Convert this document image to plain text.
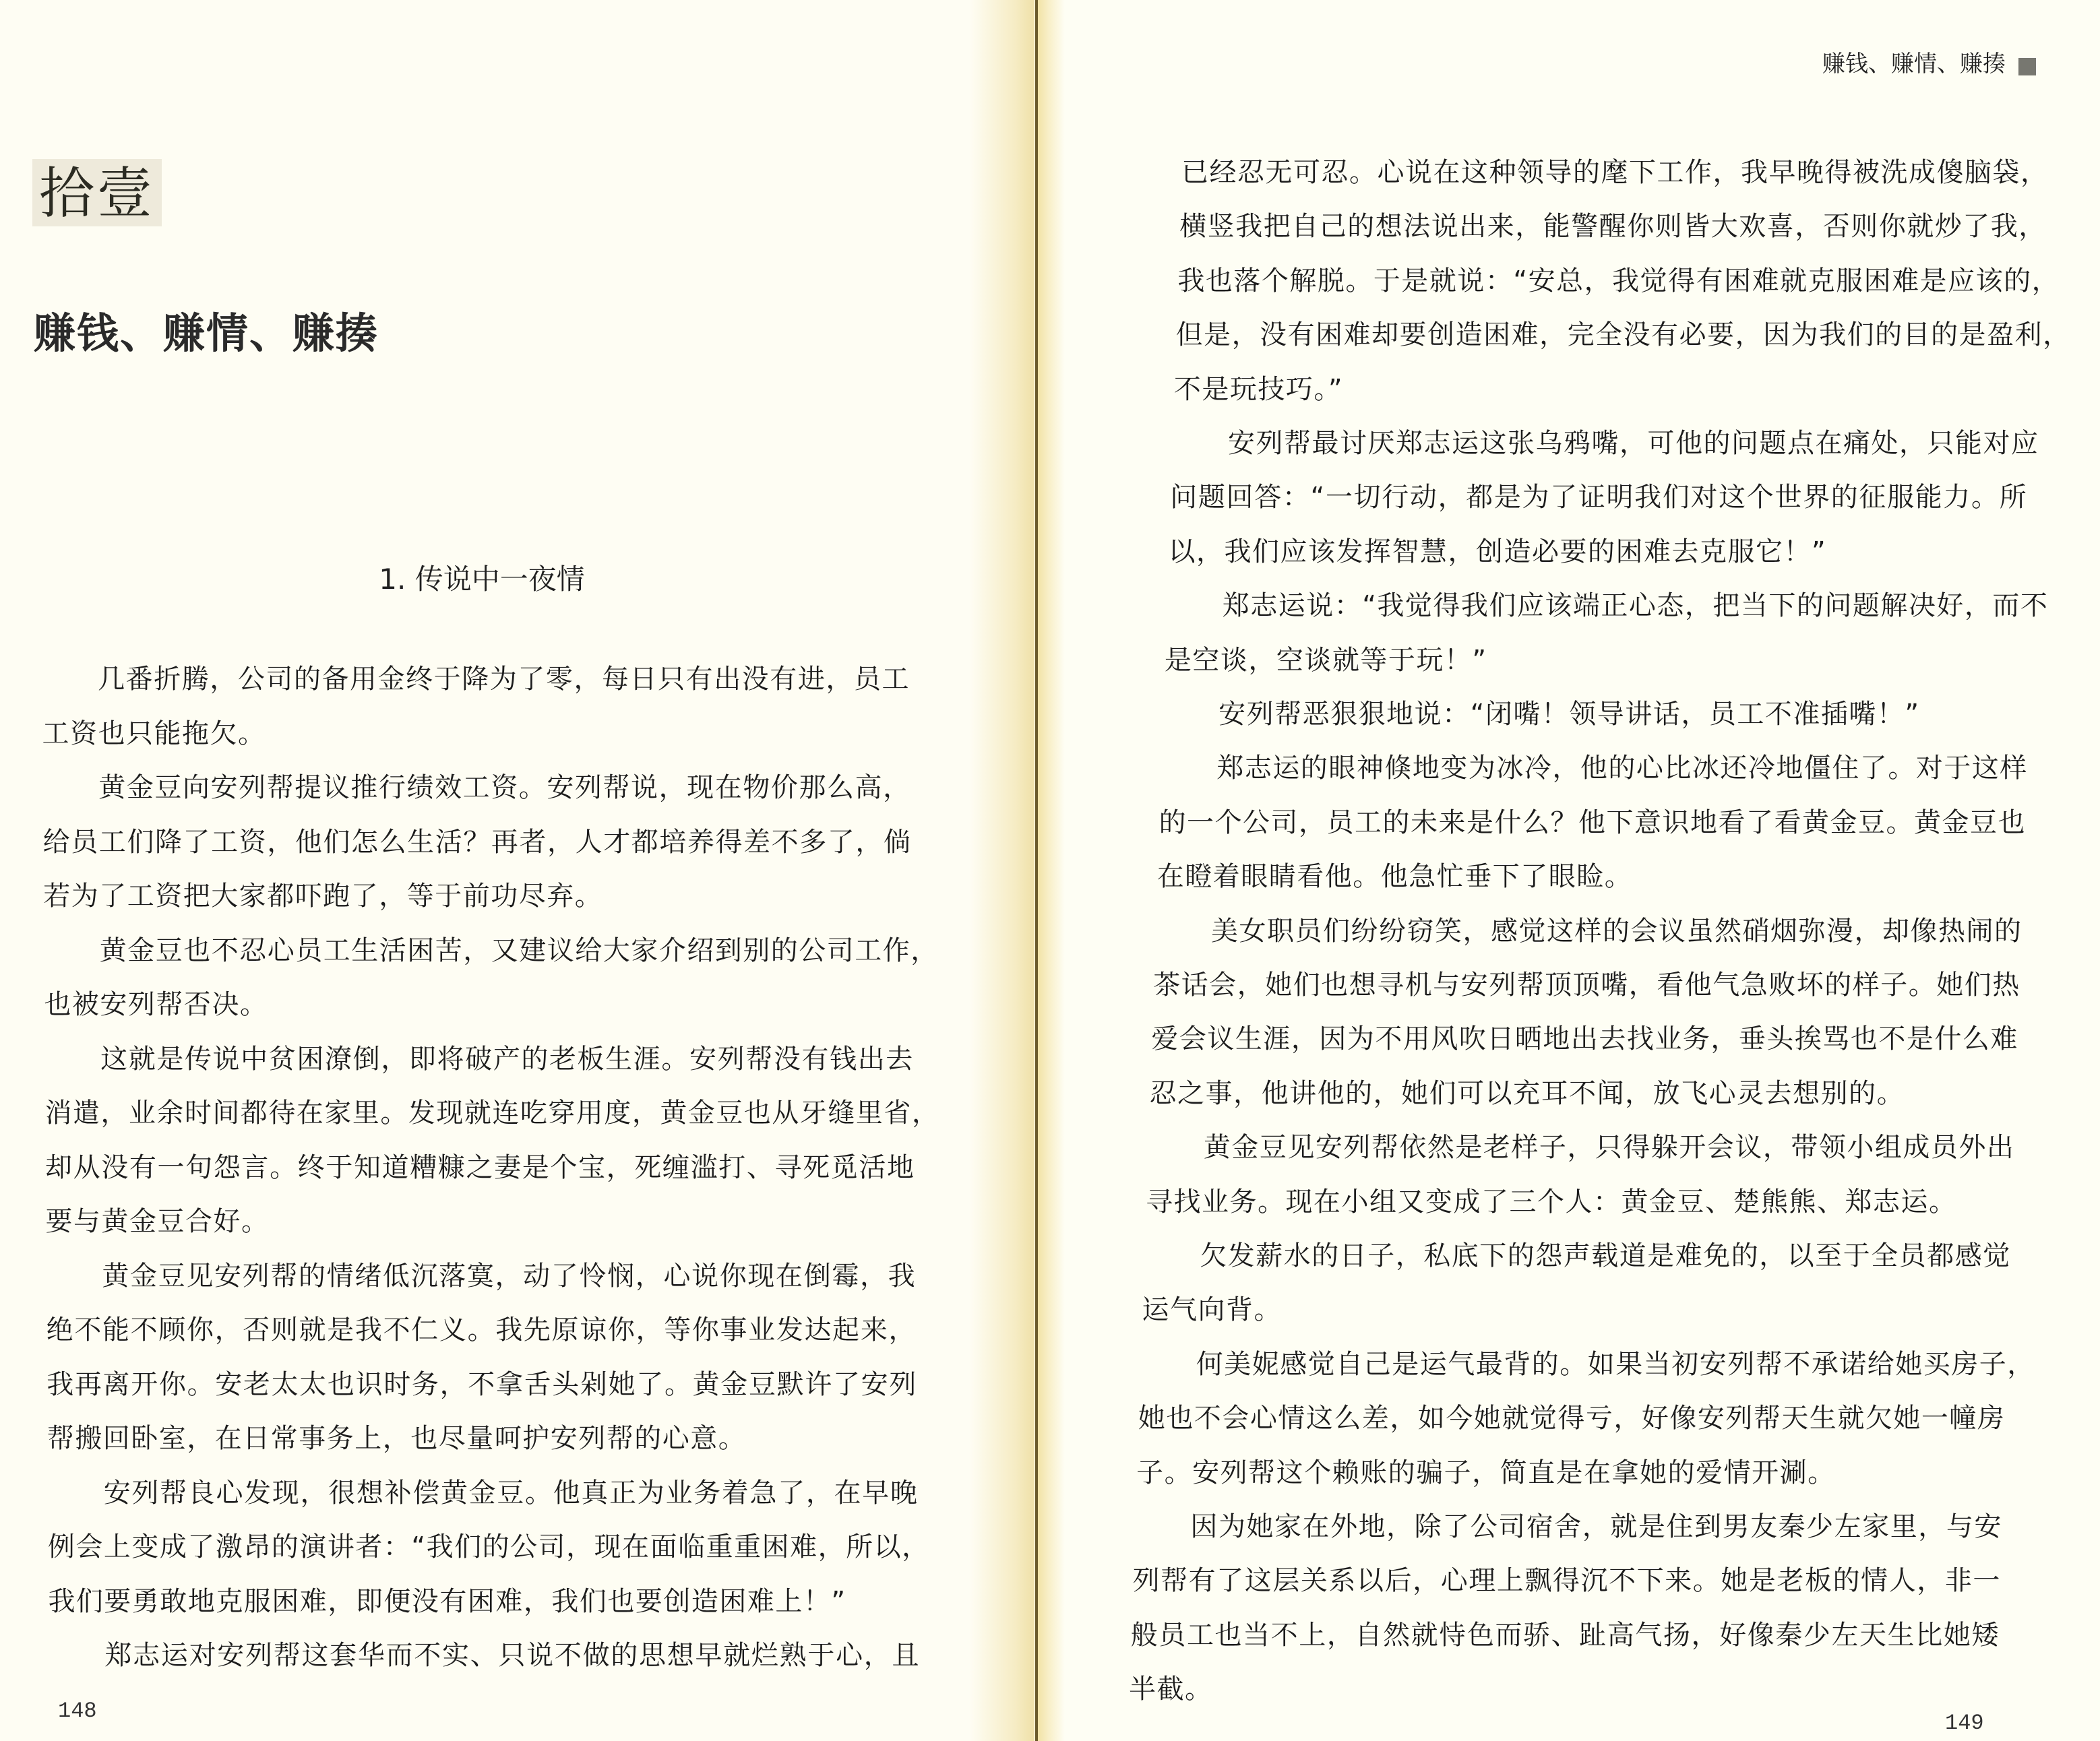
拾壹
赚钱、赚情、赚揍
1. 传说中一夜情
　　几番折腾，公司的备用金终于降为了零，每日只有出没有进，员工
工资也只能拖欠。
　　黄金豆向安列帮提议推行绩效工资。安列帮说，现在物价那么高，
给员工们降了工资，他们怎么生活？再者，人才都培养得差不多了，倘
若为了工资把大家都吓跑了，等于前功尽弃。
　　黄金豆也不忍心员工生活困苦，又建议给大家介绍到别的公司工作，
也被安列帮否决。
　　这就是传说中贫困潦倒，即将破产的老板生涯。安列帮没有钱出去
消遣，业余时间都待在家里。发现就连吃穿用度，黄金豆也从牙缝里省，
却从没有一句怨言。终于知道糟糠之妻是个宝，死缠滥打、寻死觅活地
要与黄金豆合好。
　　黄金豆见安列帮的情绪低沉落寞，动了怜悯，心说你现在倒霉，我
绝不能不顾你，否则就是我不仁义。我先原谅你，等你事业发达起来，
我再离开你。安老太太也识时务，不拿舌头剁她了。黄金豆默许了安列
帮搬回卧室，在日常事务上，也尽量呵护安列帮的心意。
　　安列帮良心发现，很想补偿黄金豆。他真正为业务着急了，在早晚
例会上变成了激昂的演讲者：“我们的公司，现在面临重重困难，所以，
我们要勇敢地克服困难，即便没有困难，我们也要创造困难上！”
　　郑志运对安列帮这套华而不实、只说不做的思想早就烂熟于心，且
148
已经忍无可忍。心说在这种领导的麾下工作，我早晚得被洗成傻脑袋，
横竖我把自己的想法说出来，能警醒你则皆大欢喜，否则你就炒了我，
我也落个解脱。于是就说：“安总，我觉得有困难就克服困难是应该的，
但是，没有困难却要创造困难，完全没有必要，因为我们的目的是盈利，
不是玩技巧。”
　　安列帮最讨厌郑志运这张乌鸦嘴，可他的问题点在痛处，只能对应
问题回答：“一切行动，都是为了证明我们对这个世界的征服能力。所
以，我们应该发挥智慧，创造必要的困难去克服它！”
　　郑志运说：“我觉得我们应该端正心态，把当下的问题解决好，而不
是空谈，空谈就等于玩！”
　　安列帮恶狠狠地说：“闭嘴！领导讲话，员工不准插嘴！”
　　郑志运的眼神倏地变为冰冷，他的心比冰还冷地僵住了。对于这样
的一个公司，员工的未来是什么？他下意识地看了看黄金豆。黄金豆也
在瞪着眼睛看他。他急忙垂下了眼睑。
　　美女职员们纷纷窃笑，感觉这样的会议虽然硝烟弥漫，却像热闹的
茶话会，她们也想寻机与安列帮顶顶嘴，看他气急败坏的样子。她们热
爱会议生涯，因为不用风吹日晒地出去找业务，垂头挨骂也不是什么难
忍之事，他讲他的，她们可以充耳不闻，放飞心灵去想别的。
　　黄金豆见安列帮依然是老样子，只得躲开会议，带领小组成员外出
寻找业务。现在小组又变成了三个人：黄金豆、楚熊熊、郑志运。
　　欠发薪水的日子，私底下的怨声载道是难免的，以至于全员都感觉
运气向背。
　　何美妮感觉自己是运气最背的。如果当初安列帮不承诺给她买房子，
她也不会心情这么差，如今她就觉得亏，好像安列帮天生就欠她一幢房
子。安列帮这个赖账的骗子，简直是在拿她的爱情开涮。
　　因为她家在外地，除了公司宿舍，就是住到男友秦少左家里，与安
列帮有了这层关系以后，心理上飘得沉不下来。她是老板的情人，非一
般员工也当不上，自然就恃色而骄、趾高气扬，好像秦少左天生比她矮
半截。
赚钱、赚情、赚揍
149
